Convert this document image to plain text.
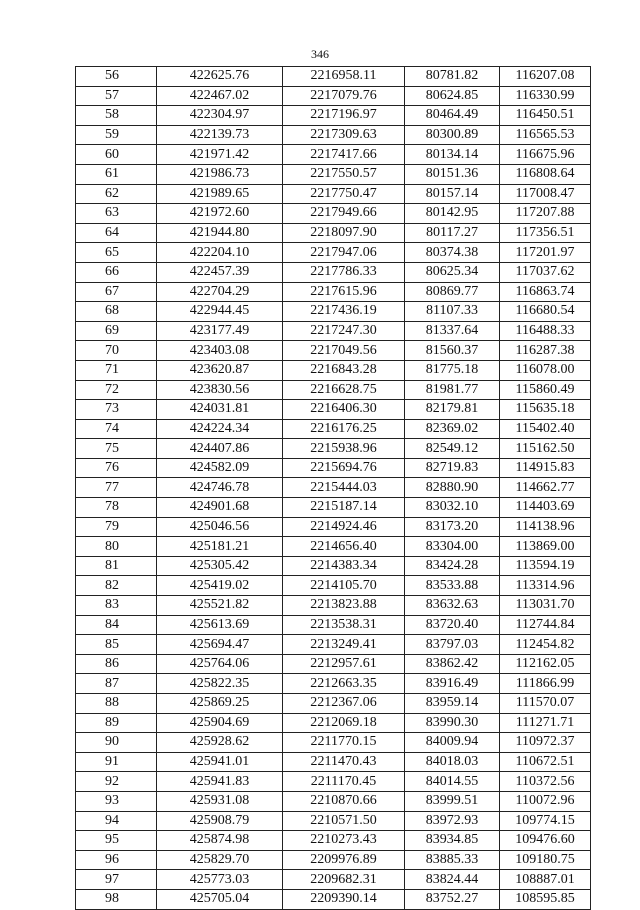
346
56	422625.76	2216958.11	80781.82	116207.08
57	422467.02	2217079.76	80624.85	116330.99
58	422304.97	2217196.97	80464.49	116450.51
59	422139.73	2217309.63	80300.89	116565.53
60	421971.42	2217417.66	80134.14	116675.96
61	421986.73	2217550.57	80151.36	116808.64
62	421989.65	2217750.47	80157.14	117008.47
63	421972.60	2217949.66	80142.95	117207.88
64	421944.80	2218097.90	80117.27	117356.51
65	422204.10	2217947.06	80374.38	117201.97
66	422457.39	2217786.33	80625.34	117037.62
67	422704.29	2217615.96	80869.77	116863.74
68	422944.45	2217436.19	81107.33	116680.54
69	423177.49	2217247.30	81337.64	116488.33
70	423403.08	2217049.56	81560.37	116287.38
71	423620.87	2216843.28	81775.18	116078.00
72	423830.56	2216628.75	81981.77	115860.49
73	424031.81	2216406.30	82179.81	115635.18
74	424224.34	2216176.25	82369.02	115402.40
75	424407.86	2215938.96	82549.12	115162.50
76	424582.09	2215694.76	82719.83	114915.83
77	424746.78	2215444.03	82880.90	114662.77
78	424901.68	2215187.14	83032.10	114403.69
79	425046.56	2214924.46	83173.20	114138.96
80	425181.21	2214656.40	83304.00	113869.00
81	425305.42	2214383.34	83424.28	113594.19
82	425419.02	2214105.70	83533.88	113314.96
83	425521.82	2213823.88	83632.63	113031.70
84	425613.69	2213538.31	83720.40	112744.84
85	425694.47	2213249.41	83797.03	112454.82
86	425764.06	2212957.61	83862.42	112162.05
87	425822.35	2212663.35	83916.49	111866.99
88	425869.25	2212367.06	83959.14	111570.07
89	425904.69	2212069.18	83990.30	111271.71
90	425928.62	2211770.15	84009.94	110972.37
91	425941.01	2211470.43	84018.03	110672.51
92	425941.83	2211170.45	84014.55	110372.56
93	425931.08	2210870.66	83999.51	110072.96
94	425908.79	2210571.50	83972.93	109774.15
95	425874.98	2210273.43	83934.85	109476.60
96	425829.70	2209976.89	83885.33	109180.75
97	425773.03	2209682.31	83824.44	108887.01
98	425705.04	2209390.14	83752.27	108595.85
